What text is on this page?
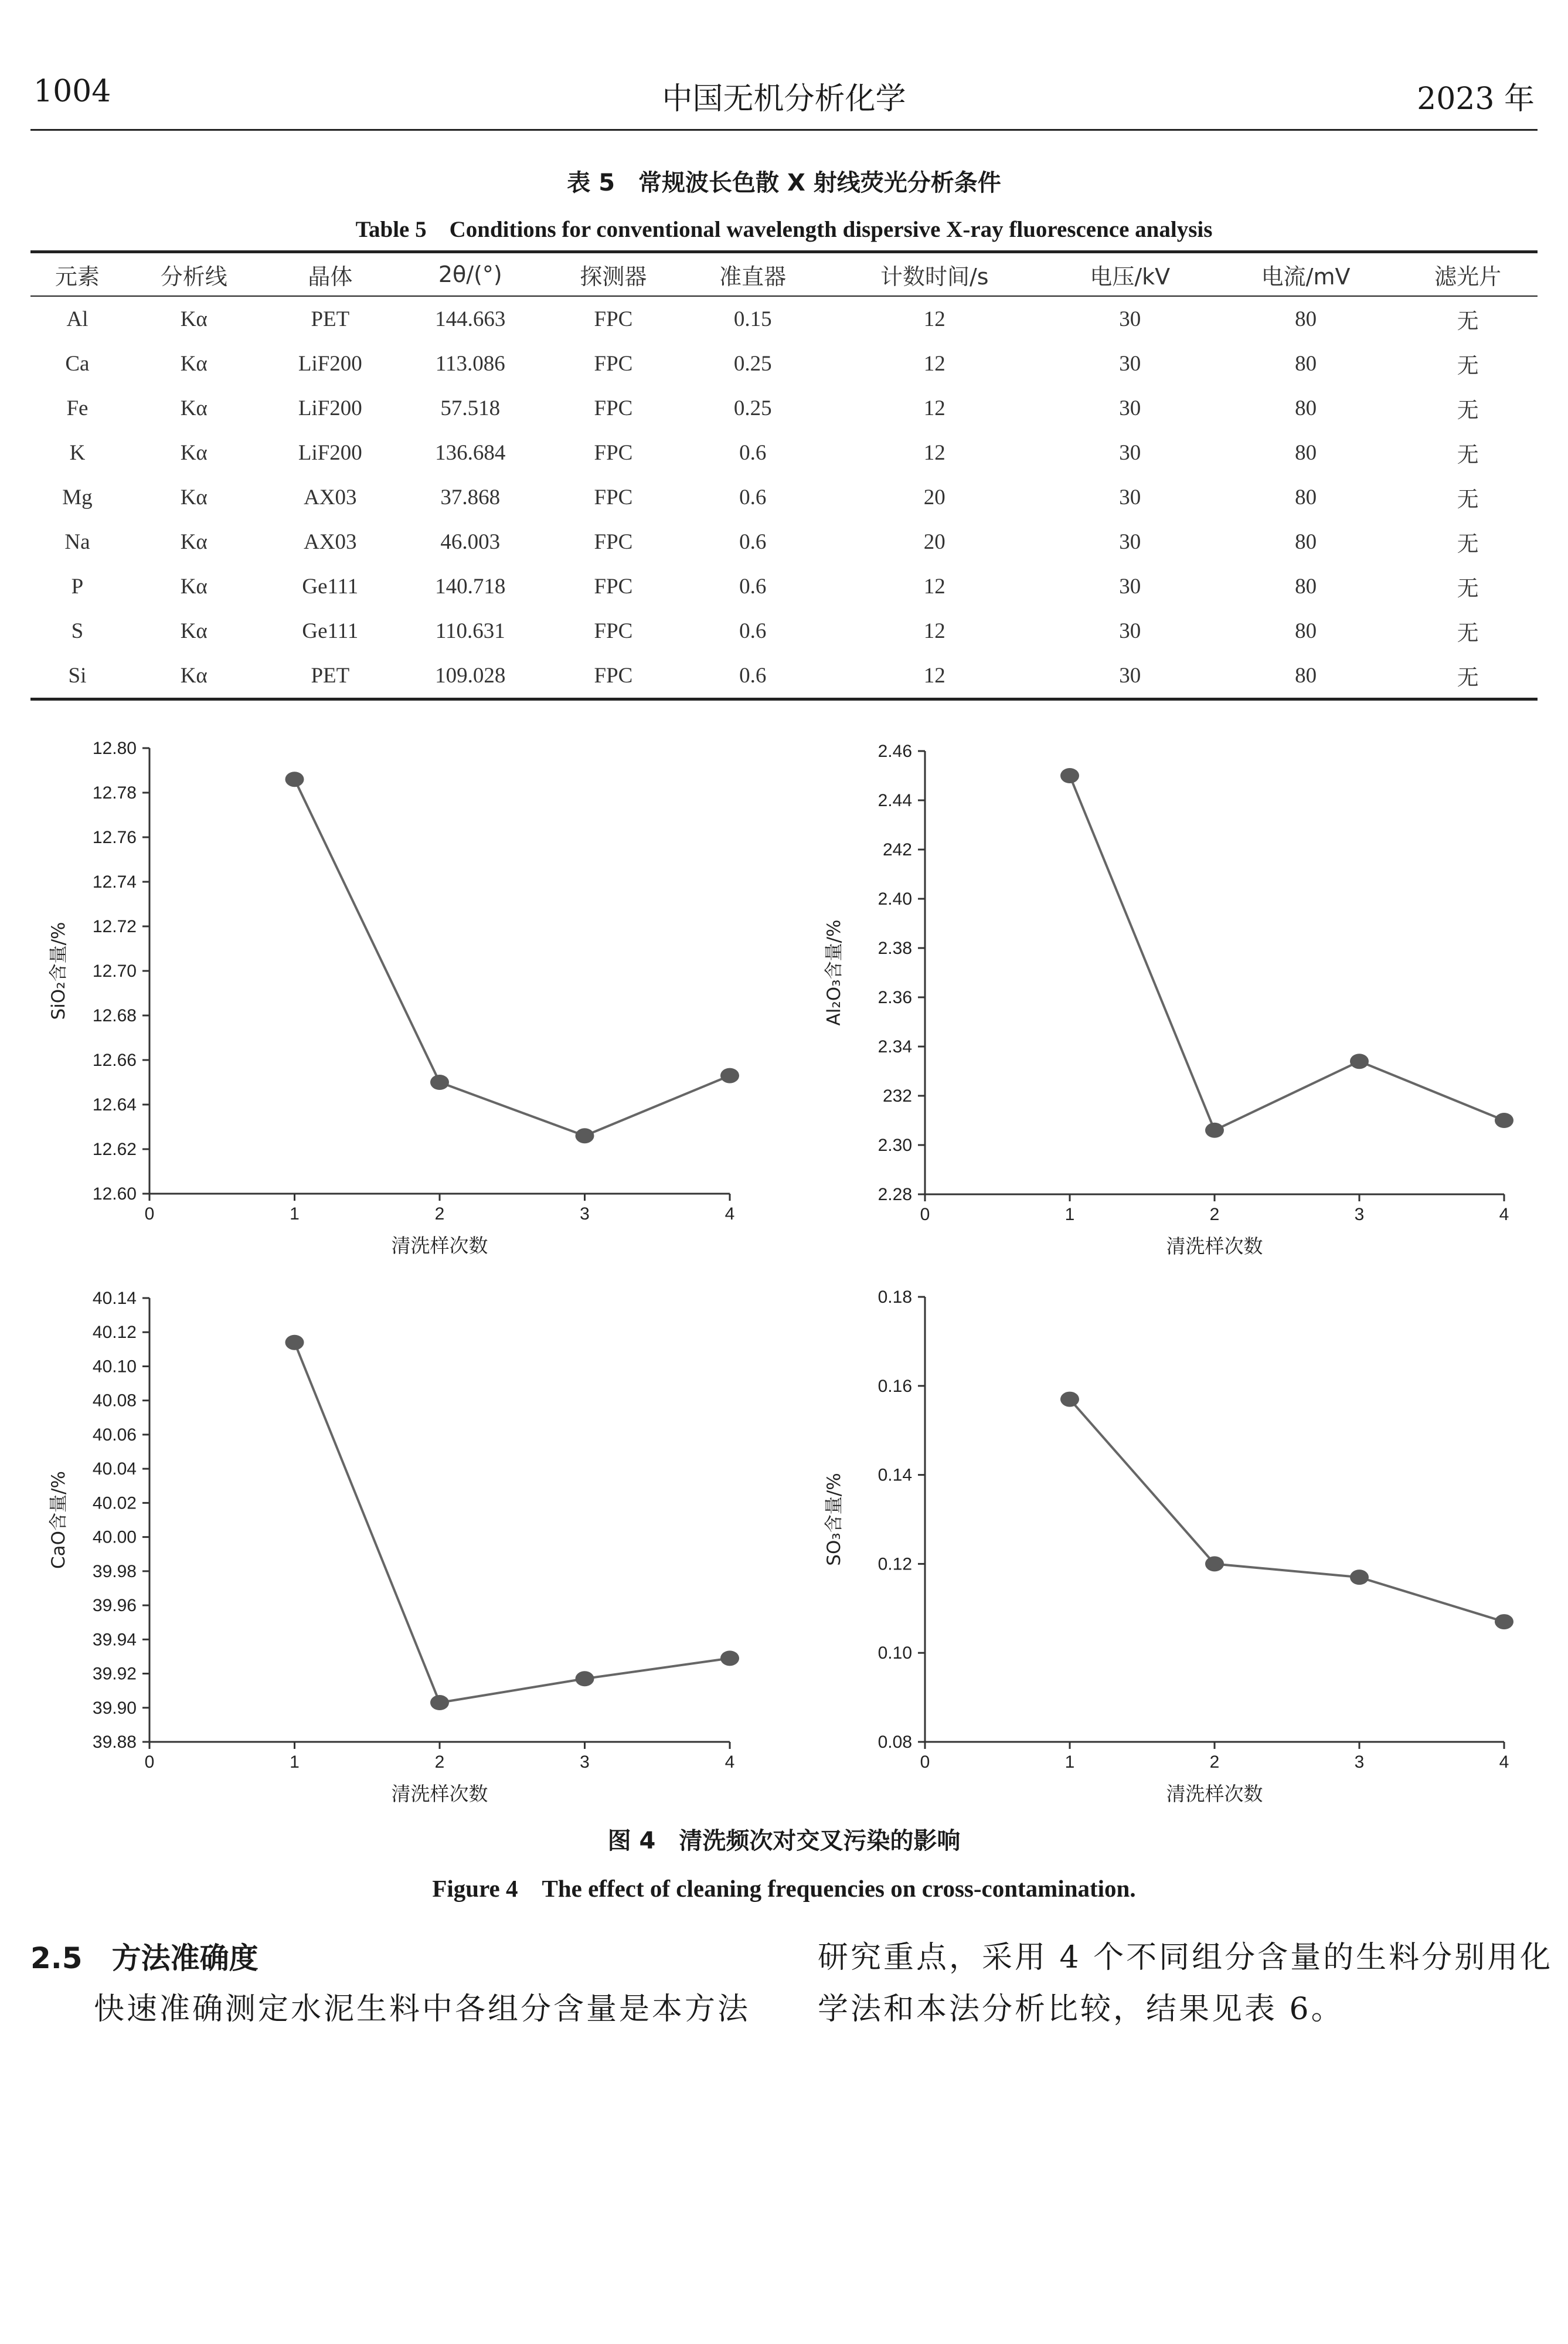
1004	中国无机分析化学	2023 年
表 5　常规波长色散 X 射线荧光分析条件
Table 5　Conditions for conventional wavelength dispersive X-ray fluorescence analysis
元素	分析线	晶体	2θ/(°)	探测器	准直器	计数时间/s	电压/kV	电流/mV	滤光片
Al	Kα	PET	144.663	FPC	0.15	12	30	80	无
Ca	Kα	LiF200	113.086	FPC	0.25	12	30	80	无
Fe	Kα	LiF200	57.518	FPC	0.25	12	30	80	无
K	Kα	LiF200	136.684	FPC	0.6	12	30	80	无
Mg	Kα	AX03	37.868	FPC	0.6	20	30	80	无
Na	Kα	AX03	46.003	FPC	0.6	20	30	80	无
P	Kα	Ge111	140.718	FPC	0.6	12	30	80	无
S	Kα	Ge111	110.631	FPC	0.6	12	30	80	无
Si	Kα	PET	109.028	FPC	0.6	12	30	80	无
12.60
12.62
12.64
12.66
12.68
12.70
12.72
12.74
12.76
12.78
12.80
0	1	2	3	4
清洗样次数
SiO₂含量/%
2.28
2.30
232
2.34
2.36
2.38
2.40
242
2.44
2.46
0	1	2	3	4
清洗样次数
Al₂O₃含量/%
39.88
39.90
39.92
39.94
39.96
39.98
40.00
40.02
40.04
40.06
40.08
40.10
40.12
40.14
0	1	2	3	4
清洗样次数
CaO含量/%
0.08
0.10
0.12
0.14
0.16
0.18
0	1	2	3	4
清洗样次数
SO₃含量/%
图 4　清洗频次对交叉污染的影响
Figure 4　The effect of cleaning frequencies on cross-contamination.
2.5　方法准确度
快速准确测定水泥生料中各组分含量是本方法
研究重点，采用 4 个不同组分含量的生料分别用化
学法和本法分析比较，结果见表 6。
